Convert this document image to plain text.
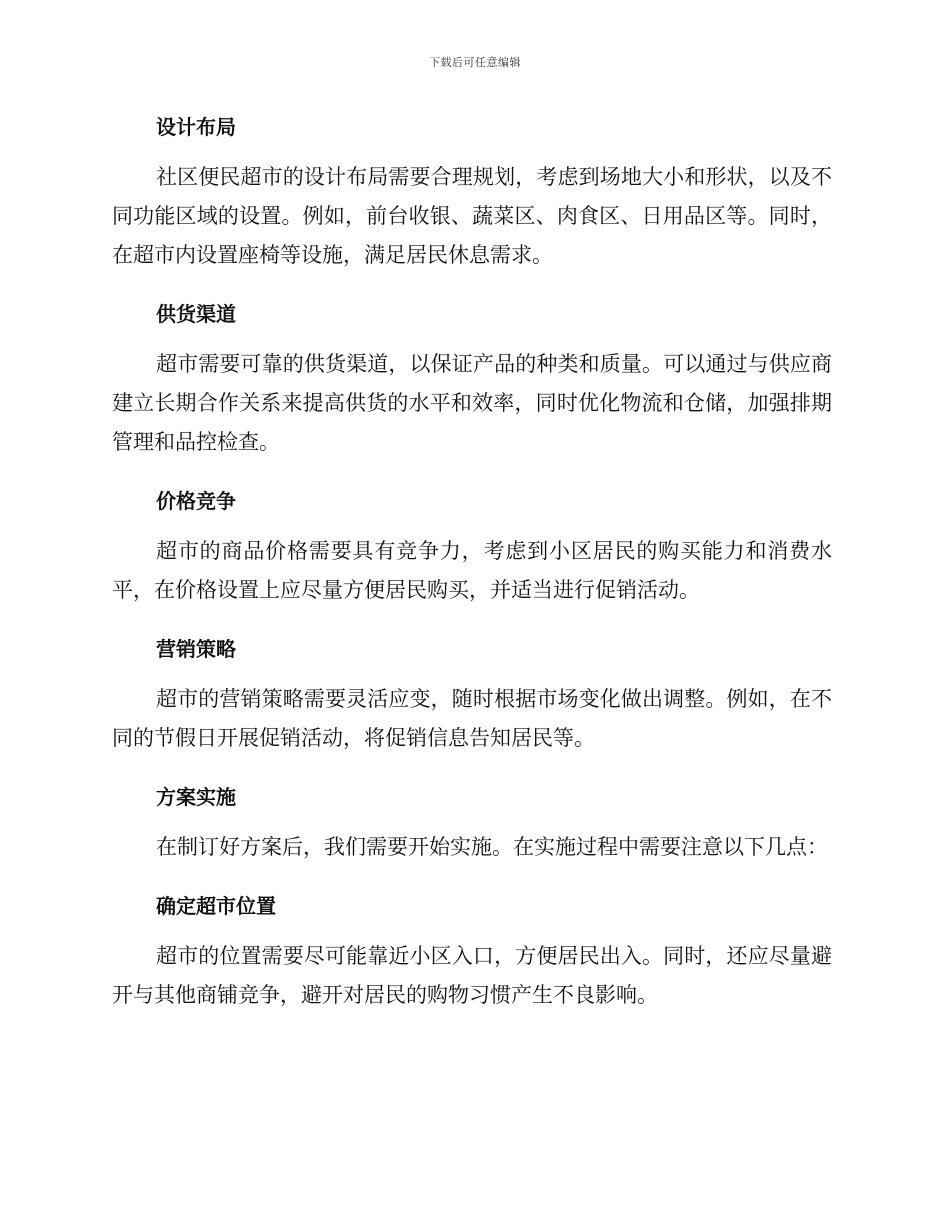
下载后可任意编辑
设计布局

社区便民超市的设计布局需要合理规划，考虑到场地大小和形状，以及不同功能区域的设置。例如，前台收银、蔬菜区、肉食区、日用品区等。同时，在超市内设置座椅等设施，满足居民休息需求。

供货渠道

超市需要可靠的供货渠道，以保证产品的种类和质量。可以通过与供应商建立长期合作关系来提高供货的水平和效率，同时优化物流和仓储，加强排期管理和品控检查。

价格竞争

超市的商品价格需要具有竞争力，考虑到小区居民的购买能力和消费水平，在价格设置上应尽量方便居民购买，并适当进行促销活动。

营销策略

超市的营销策略需要灵活应变，随时根据市场变化做出调整。例如，在不同的节假日开展促销活动，将促销信息告知居民等。

方案实施

在制订好方案后，我们需要开始实施。在实施过程中需要注意以下几点：

确定超市位置

超市的位置需要尽可能靠近小区入口，方便居民出入。同时，还应尽量避开与其他商铺竞争，避开对居民的购物习惯产生不良影响。
